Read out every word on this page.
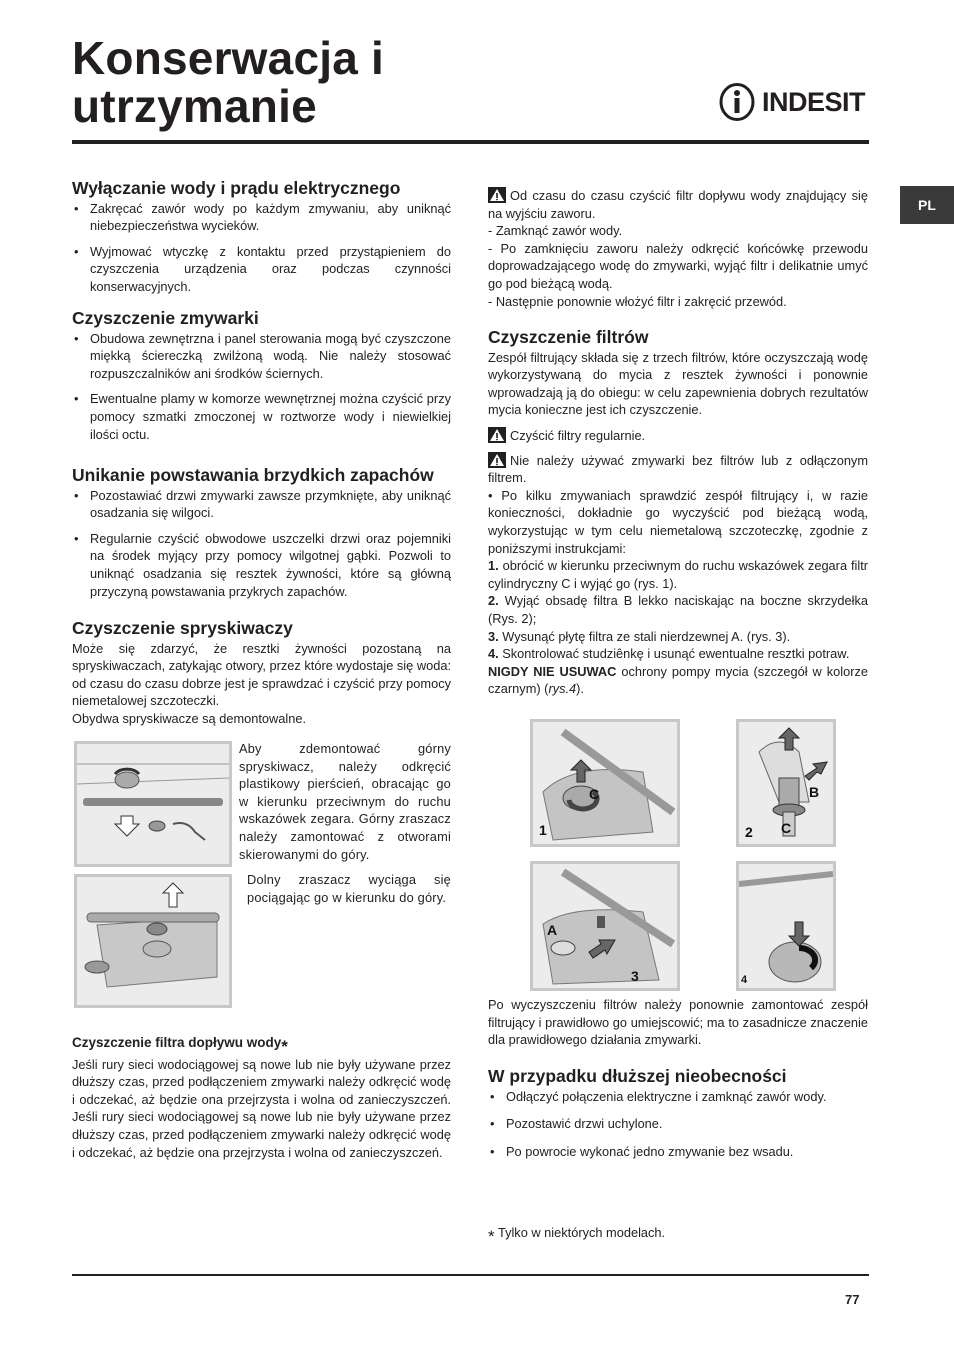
Konserwacja i
utrzymanie	INDESIT
PL
Wyłączanie wody i prądu elektrycznego
• Zakręcać zawór wody po każdym zmywaniu, aby uniknąć niebezpieczeństwa wycieków.
• Wyjmować wtyczkę z kontaktu przed przystąpieniem do czyszczenia urządzenia oraz podczas czynności konserwacyjnych.
Czyszczenie zmywarki
• Obudowa zewnętrzna i panel sterowania mogą być czyszczone miękką ściereczką zwilżoną wodą. Nie należy stosować rozpuszczalników ani środków ściernych.
• Ewentualne plamy w komorze wewnętrznej można czyścić przy pomocy szmatki zmoczonej w roztworze wody i niewielkiej ilości octu.
Unikanie powstawania brzydkich zapachów
• Pozostawiać drzwi zmywarki zawsze przymknięte, aby uniknąć osadzania się wilgoci.
• Regularnie czyścić obwodowe uszczelki drzwi oraz pojemniki na środek myjący przy pomocy wilgotnej gąbki. Pozwoli to uniknąć osadzania się resztek żywności, które są główną przyczyną powstawania przykrych zapachów.
Czyszczenie spryskiwaczy

Może się zdarzyć, że resztki żywności pozostaną na spryskiwaczach, zatykając otwory, przez które wydostaje się woda: od czasu do czasu dobrze jest je sprawdzać i czyścić przy pomocy niemetalowej szczoteczki.

Obydwa spryskiwacze są demontowalne.

Aby zdemontować górny spryskiwacz, należy odkręcić plastikowy pierścień, obracając go w kierunku przeciwnym do ruchu wskazówek zegara. Górny zraszacz należy zamontować z otworami skierowanymi do góry.

Dolny zraszacz wyciąga się pociągając go w kierunku do góry.

Czyszczenie filtra dopływu wody*

Jeśli rury sieci wodociągowej są nowe lub nie były używane przez dłuższy czas, przed podłączeniem zmywarki należy odkręcić wodę i odczekać, aż będzie ona przejrzysta i wolna od zanieczyszczeń. Jeśli rury sieci wodociągowej są nowe lub nie były używane przez dłuższy czas, przed podłączeniem zmywarki należy odkręcić wodę i odczekać, aż będzie ona przejrzysta i wolna od zanieczyszczeń.

Od czasu do czasu czyścić filtr dopływu wody znajdujący się na wyjściu zaworu.

- Zamknąć zawór wody.

- Po zamknięciu zaworu należy odkręcić końcówkę przewodu doprowadzającego wodę do zmywarki, wyjąć filtr i delikatnie umyć go pod bieżącą wodą.

- Następnie ponownie włożyć filtr i zakręcić przewód.

Czyszczenie filtrów

Zespół filtrujący składa się z trzech filtrów, które oczyszczają wodę wykorzystywaną do mycia z resztek żywności i ponownie wprowadzają ją do obiegu: w celu zapewnienia dobrych rezultatów mycia konieczne jest ich czyszczenie.

Czyścić filtry regularnie.

Nie należy używać zmywarki bez filtrów lub z odłączonym filtrem.

• Po kilku zmywaniach sprawdzić zespół filtrujący i, w razie konieczności, dokładnie go wyczyścić pod bieżącą wodą, wykorzystując w tym celu niemetalową szczoteczkę, zgodnie z poniższymi instrukcjami:

1. obrócić w kierunku przeciwnym do ruchu wskazówek zegara filtr cylindryczny C i wyjąć go (rys. 1).

2. Wyjąć obsadę filtra B lekko naciskając na boczne skrzydełka (Rys. 2);

3. Wysunąć płytę filtra ze stali nierdzewnej A. (rys. 3).

4. Skontrolować studziênkę i usunąć ewentualne resztki potraw.

NIGDY NIE USUWAC ochrony pompy mycia (szczegół w kolorze czarnym) (rys.4).

1
C
2
B
C
A
3	4

Po wyczyszczeniu filtrów należy ponownie zamontować zespół filtrujący i prawidłowo go umiejscowić; ma to zasadnicze znaczenie dla prawidłowego działania zmywarki.

W przypadku dłuższej nieobecności
• Odłączyć połączenia elektryczne i zamknąć zawór wody.
• Pozostawić drzwi uchylone.
• Po powrocie wykonać jedno zmywanie bez wsadu.
* Tylko w niektórych modelach.
77
